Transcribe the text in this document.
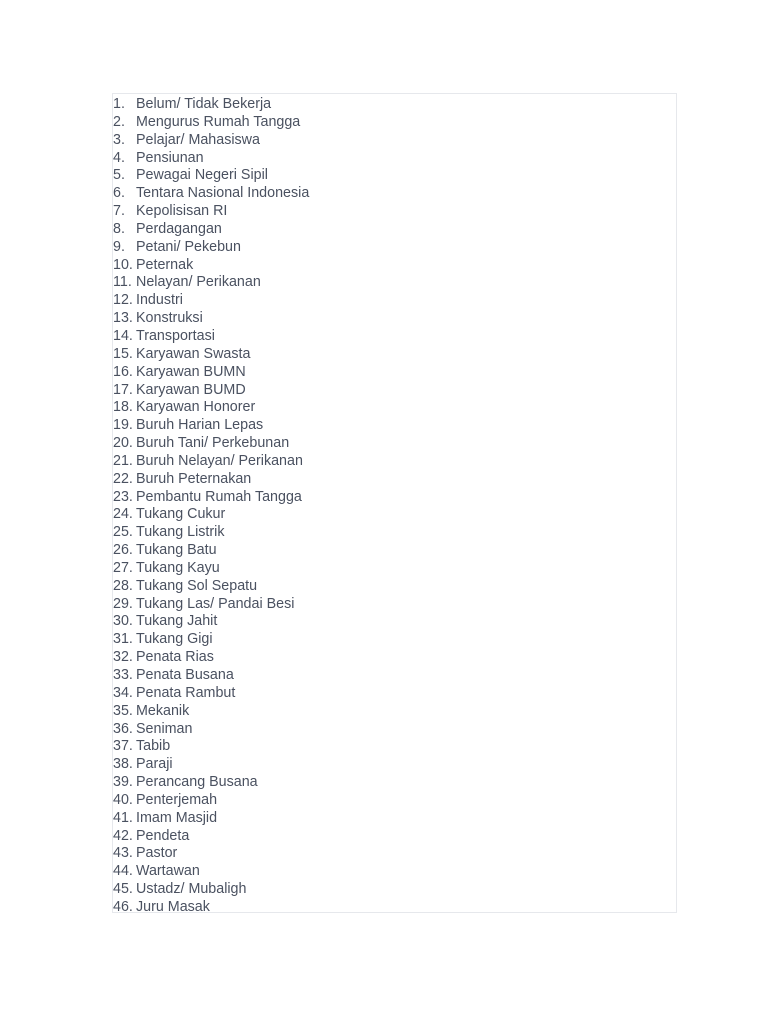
1. Belum/ Tidak Bekerja
2. Mengurus Rumah Tangga
3. Pelajar/ Mahasiswa
4. Pensiunan
5. Pewagai Negeri Sipil
6. Tentara Nasional Indonesia
7. Kepolisisan RI
8. Perdagangan
9. Petani/ Pekebun
10. Peternak
11. Nelayan/ Perikanan
12. Industri
13. Konstruksi
14. Transportasi
15. Karyawan Swasta
16. Karyawan BUMN
17. Karyawan BUMD
18. Karyawan Honorer
19. Buruh Harian Lepas
20. Buruh Tani/ Perkebunan
21. Buruh Nelayan/ Perikanan
22. Buruh Peternakan
23. Pembantu Rumah Tangga
24. Tukang Cukur
25. Tukang Listrik
26. Tukang Batu
27. Tukang Kayu
28. Tukang Sol Sepatu
29. Tukang Las/ Pandai Besi
30. Tukang Jahit
31. Tukang Gigi
32. Penata Rias
33. Penata Busana
34. Penata Rambut
35. Mekanik
36. Seniman
37. Tabib
38. Paraji
39. Perancang Busana
40. Penterjemah
41. Imam Masjid
42. Pendeta
43. Pastor
44. Wartawan
45. Ustadz/ Mubaligh
46. Juru Masak
